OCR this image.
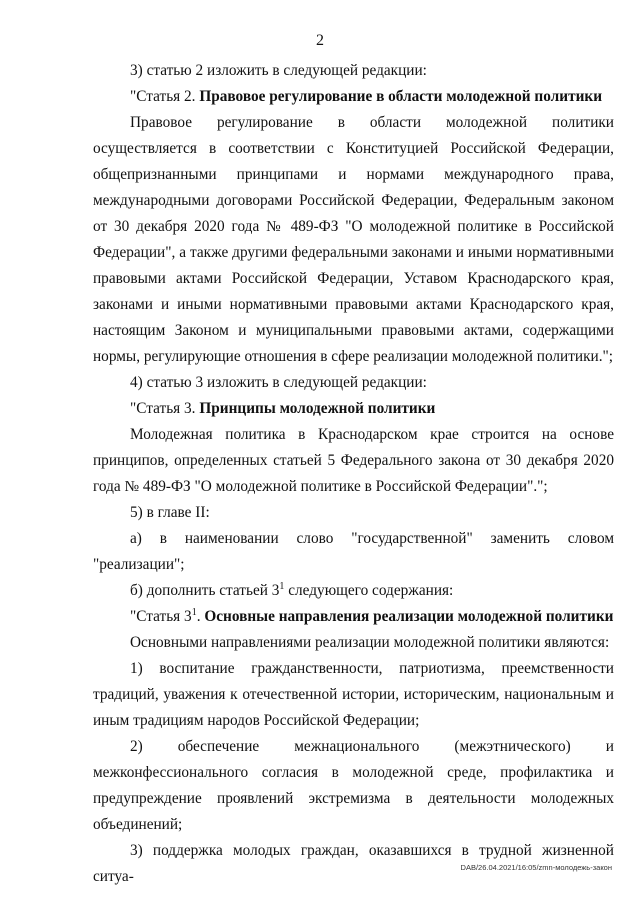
2

3) статью 2 изложить в следующей редакции:

"Статья 2. Правовое регулирование в области молодежной политики

Правовое регулирование в области молодежной политики осуществляется в соответствии с Конституцией Российской Федерации, общепризнанными принципами и нормами международного права, международными договорами Российской Федерации, Федеральным законом от 30 декабря 2020 года № 489-ФЗ "О молодежной политике в Российской Федерации", а также другими федеральными законами и иными нормативными правовыми актами Российской Федерации, Уставом Краснодарского края, законами и иными нормативными правовыми актами Краснодарского края, настоящим Законом и муниципальными правовыми актами, содержащими нормы, регулирующие отношения в сфере реализации молодежной политики.";

4) статью 3 изложить в следующей редакции:

"Статья 3. Принципы молодежной политики

Молодежная политика в Краснодарском крае строится на основе принципов, определенных статьей 5 Федерального закона от 30 декабря 2020 года № 489-ФЗ "О молодежной политике в Российской Федерации".";

5) в главе II:

а) в наименовании слово "государственной" заменить словом "реализации";

б) дополнить статьей $3^1$ следующего содержания:

"Статья $3^1$. Основные направления реализации молодежной политики

Основными направлениями реализации молодежной политики являются:

1) воспитание гражданственности, патриотизма, преемственности традиций, уважения к отечественной истории, историческим, национальным и иным традициям народов Российской Федерации;

2) обеспечение межнационального (межэтнического) и межконфессионального согласия в молодежной среде, профилактика и предупреждение проявлений экстремизма в деятельности молодежных объединений;

3) поддержка молодых граждан, оказавшихся в трудной жизненной ситуа-

DAB/26.04.2021/16:05/zmn-молодежь-закон
